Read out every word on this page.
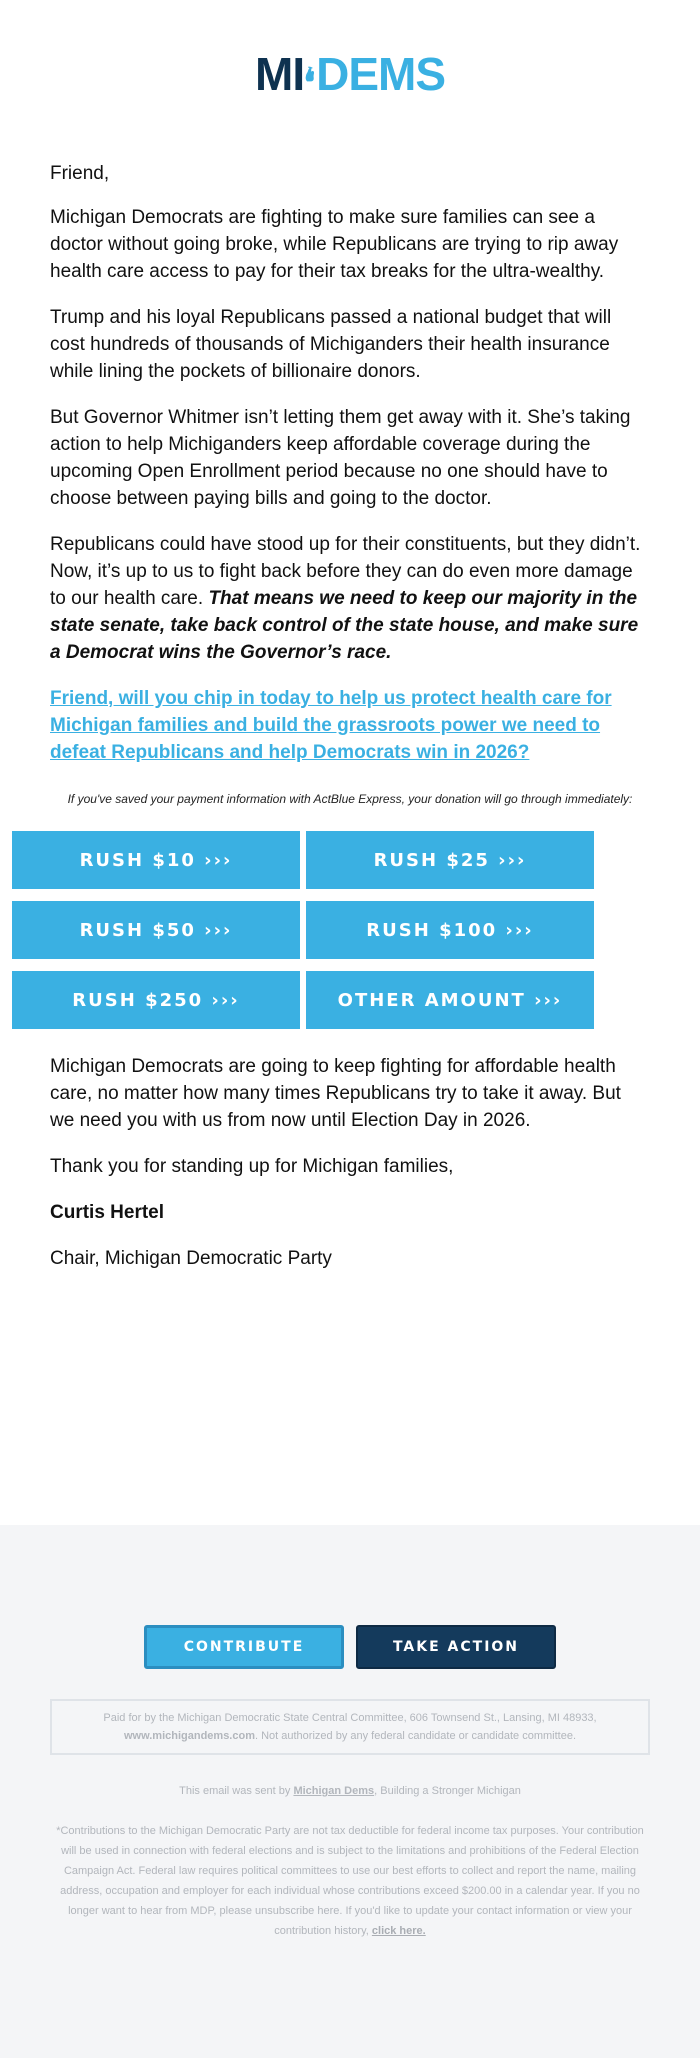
MI DEMS

Friend,

Michigan Democrats are fighting to make sure families can see a doctor without going broke, while Republicans are trying to rip away health care access to pay for their tax breaks for the ultra-wealthy.

Trump and his loyal Republicans passed a national budget that will cost hundreds of thousands of Michiganders their health insurance while lining the pockets of billionaire donors.

But Governor Whitmer isn’t letting them get away with it. She’s taking action to help Michiganders keep affordable coverage during the upcoming Open Enrollment period because no one should have to choose between paying bills and going to the doctor.

Republicans could have stood up for their constituents, but they didn’t. Now, it’s up to us to fight back before they can do even more damage to our health care. That means we need to keep our majority in the state senate, take back control of the state house, and make sure a Democrat wins the Governor’s race.

Friend, will you chip in today to help us protect health care for Michigan families and build the grassroots power we need to defeat Republicans and help Democrats win in 2026?
If you've saved your payment information with ActBlue Express, your donation will go through immediately:
RUSH $10 ›››	RUSH $25 ›››
RUSH $50 ›››	RUSH $100 ›››
RUSH $250 ›››	OTHER AMOUNT ›››

Michigan Democrats are going to keep fighting for affordable health care, no matter how many times Republicans try to take it away. But we need you with us from now until Election Day in 2026.

Thank you for standing up for Michigan families,

Curtis Hertel

Chair, Michigan Democratic Party

CONTRIBUTE	TAKE ACTION
Paid for by the Michigan Democratic State Central Committee, 606 Townsend St., Lansing, MI 48933, www.michigandems.com. Not authorized by any federal candidate or candidate committee.
This email was sent by Michigan Dems, Building a Stronger Michigan
*Contributions to the Michigan Democratic Party are not tax deductible for federal income tax purposes. Your contribution will be used in connection with federal elections and is subject to the limitations and prohibitions of the Federal Election Campaign Act. Federal law requires political committees to use our best efforts to collect and report the name, mailing address, occupation and employer for each individual whose contributions exceed $200.00 in a calendar year. If you no longer want to hear from MDP, please unsubscribe here. If you'd like to update your contact information or view your contribution history, click here.
